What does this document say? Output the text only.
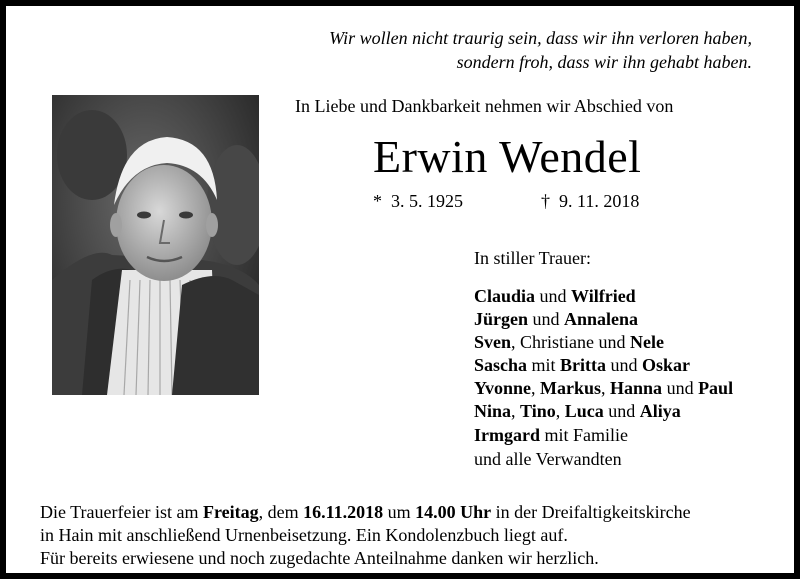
Wir wollen nicht traurig sein, dass wir ihn verloren haben,
sondern froh, dass wir ihn gehabt haben.
In Liebe und Dankbarkeit nehmen wir Abschied von
Erwin Wendel
* 3. 5. 1925	† 9. 11. 2018
In stiller Trauer:
Claudia und Wilfried
Jürgen und Annalena
Sven, Christiane und Nele
Sascha mit Britta und Oskar
Yvonne, Markus, Hanna und Paul
Nina, Tino, Luca und Aliya
Irmgard mit Familie
und alle Verwandten
Die Trauerfeier ist am Freitag, dem 16.11.2018 um 14.00 Uhr in der Dreifaltigkeitskirche
in Hain mit anschließend Urnenbeisetzung. Ein Kondolenzbuch liegt auf.
Für bereits erwiesene und noch zugedachte Anteilnahme danken wir herzlich.
